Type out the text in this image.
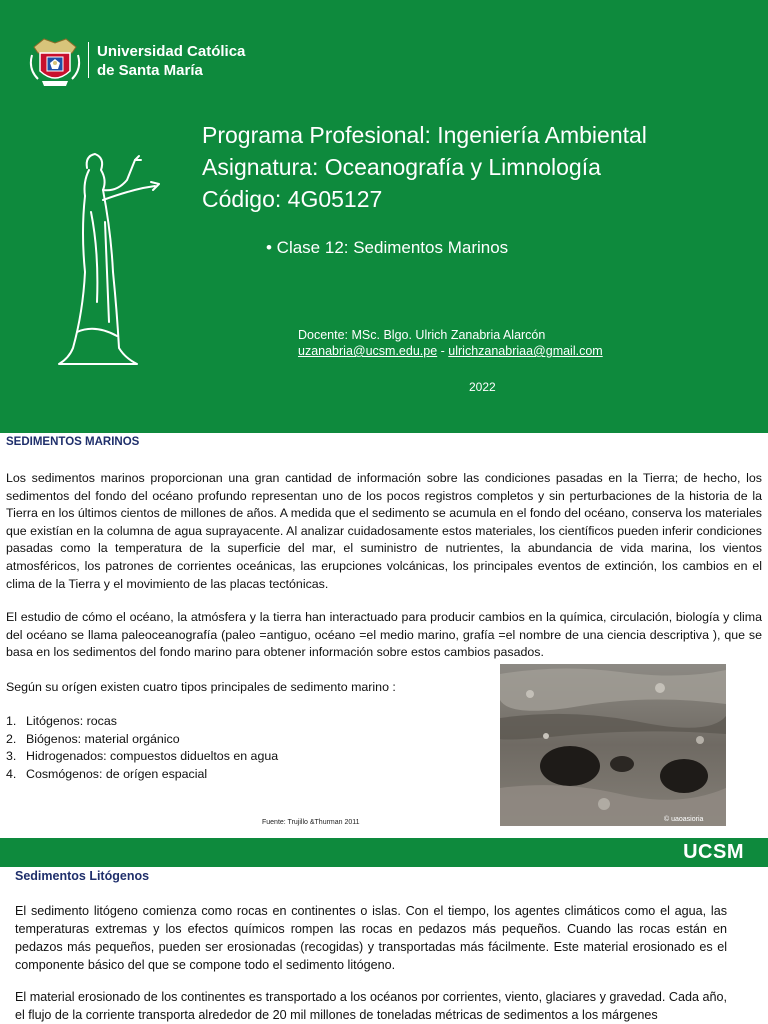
Universidad Católica
de Santa María
Programa Profesional: Ingeniería Ambiental
Asignatura: Oceanografía y Limnología
Código: 4G05127
• Clase 12: Sedimentos Marinos
Docente: MSc. Blgo. Ulrich Zanabria Alarcón
uzanabria@ucsm.edu.pe - ulrichzanabriaa@gmail.com
2022
SEDIMENTOS MARINOS
Los sedimentos marinos proporcionan una gran cantidad de información sobre las condiciones pasadas en la Tierra; de hecho, los sedimentos del fondo del océano profundo representan uno de los pocos registros completos y sin perturbaciones de la historia de la Tierra en los últimos cientos de millones de años. A medida que el sedimento se acumula en el fondo del océano, conserva los materiales que existían en la columna de agua suprayacente. Al analizar cuidadosamente estos materiales, los científicos pueden inferir condiciones pasadas como la temperatura de la superficie del mar, el suministro de nutrientes, la abundancia de vida marina, los vientos atmosféricos, los patrones de corrientes oceánicas, las erupciones volcánicas, los principales eventos de extinción, los cambios en el clima de la Tierra y el movimiento de las placas tectónicas.
El estudio de cómo el océano, la atmósfera y la tierra han interactuado para producir cambios en la química, circulación, biología y clima del océano se llama paleoceanografía (paleo =antiguo, océano =el medio marino, grafía =el nombre de una ciencia descriptiva ), que se basa en los sedimentos del fondo marino para obtener información sobre estos cambios pasados.
Según su orígen existen cuatro tipos principales de sedimento marino :
1. Litógenos: rocas
2. Biógenos: material orgánico
3. Hidrogenados: compuestos didueltos en agua
4. Cosmógenos: de orígen espacial
© uaoasioria
Fuente: Trujillo &Thurman 2011
UCSM
Sedimentos Litógenos
El sedimento litógeno comienza como rocas en continentes o islas. Con el tiempo, los agentes climáticos como el agua, las temperaturas extremas y los efectos químicos rompen las rocas en pedazos más pequeños. Cuando las rocas están en pedazos más pequeños, pueden ser erosionadas (recogidas) y transportadas más fácilmente. Este material erosionado es el componente básico del que se compone todo el sedimento litógeno.
El material erosionado de los continentes es transportado a los océanos por corrientes, viento, glaciares y gravedad. Cada año, el flujo de la corriente transporta alrededor de 20 mil millones de toneladas métricas de sedimentos a los márgenes
